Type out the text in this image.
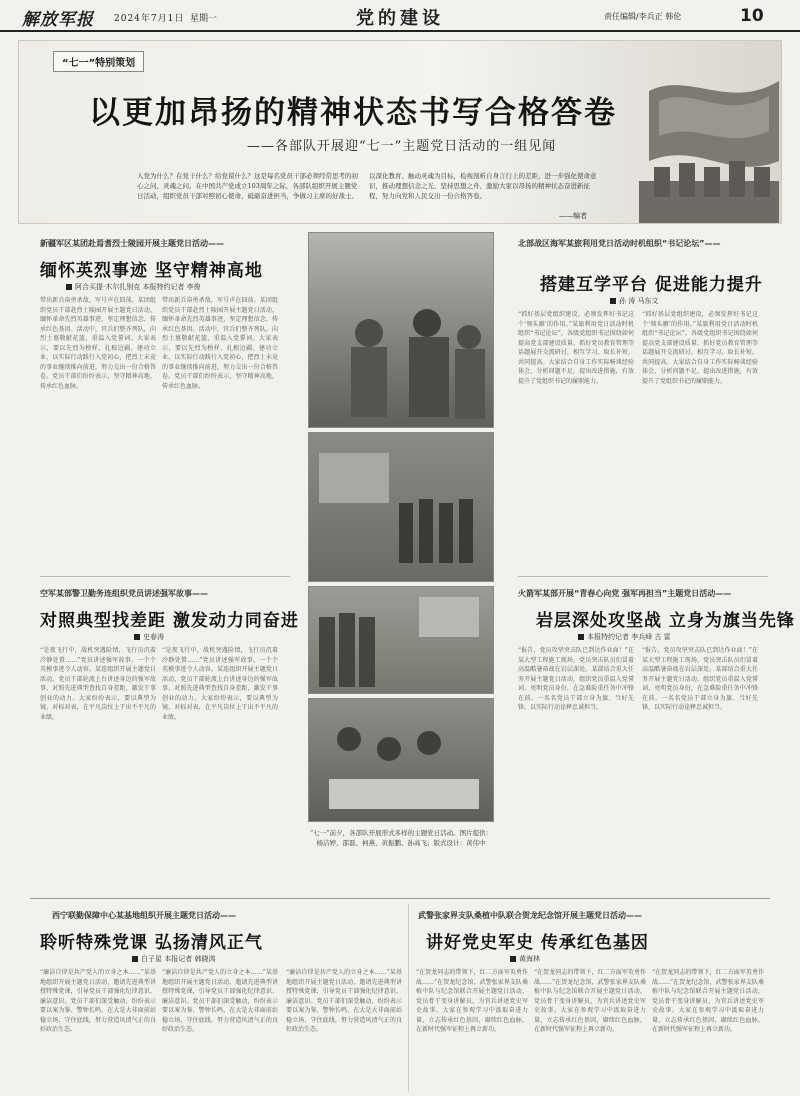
解放军报 2024年7月1日 星期一	党的建设	责任编辑/李兵正 韩伦	10
“七一”特别策划
以更加昂扬的精神状态书写合格答卷
——各部队开展迎“七一”主题党日活动的一组见闻
入党为什么？在党干什么？给党留什么？这是每名党员干部必须经常思考的初心之问、灵魂之问。在中国共产党成立103周年之际，各部队组织开展主题党日活动，组织党员干部对照初心使命、砥砺奋进担当，争做习主席的好战士。
以深化教育、触动灵魂为目标，检视剖析自身言行上的差距，进一步强化使命意识，推动理想信念之光、坚持思想之舟、激励大家以昂扬的精神状态奋进新征程，努力向党和人民交出一份合格答卷。
——编者
新疆军区某团赴焉耆烈士陵园开展主题党日活动——
缅怀英烈事迹 坚守精神高地
阿合买提·木尔扎别克 本报特约记者 李俊
带出新兵奋勇杀敌，军号声在回荡。某团组织党员干部赴烈士陵园开展主题党日活动，缅怀革命先烈英雄事迹，坚定理想信念，传承红色基因。活动中，官兵们整齐列队，向烈士墓敬献花篮，重温入党誓词。大家表示，要以先烈为榜样，扎根边疆、建功立业，以实际行动践行入党初心，把烈士未竟的事业继续推向前进，努力交出一份合格答卷。党员干部们纷纷表示，坚守精神高地，传承红色血脉。
带出新兵奋勇杀敌，军号声在回荡。某团组织党员干部赴烈士陵园开展主题党日活动，缅怀革命先烈英雄事迹，坚定理想信念，传承红色基因。活动中，官兵们整齐列队，向烈士墓敬献花篮，重温入党誓词。大家表示，要以先烈为榜样，扎根边疆、建功立业，以实际行动践行入党初心，把烈士未竟的事业继续推向前进，努力交出一份合格答卷。党员干部们纷纷表示，坚守精神高地，传承红色血脉。
空军某部警卫勤务连组织党员讲述强军故事——
对照典型找差距 激发动力同奋进
史春涛
“是夜飞行中，战机突遇险情，飞行员沉着冷静处置……”党员讲述强军故事，一个个英模事迹令人动容。某连组织开展主题党日活动，党员干部轮流上台讲述身边的强军故事，对照先进典型查找自身差距，激发干事创业的动力。大家纷纷表示，要以典型为镜，对标对表，在平凡岗位上干出不平凡的业绩。
“是夜飞行中，战机突遇险情，飞行员沉着冷静处置……”党员讲述强军故事，一个个英模事迹令人动容。某连组织开展主题党日活动，党员干部轮流上台讲述身边的强军故事，对照先进典型查找自身差距，激发干事创业的动力。大家纷纷表示，要以典型为镜，对标对表，在平凡岗位上干出不平凡的业绩。
“七一”前夕，各部队开展形式多样的主题党日活动。图片提供：杨洁婷、邵磊、柯燕、黄振鹏、孙高飞；版式设计：黄伟中
北部战区海军某旅利用党日活动时机组织“书记论坛”——
搭建互学平台 促进能力提升
孙 涛 马东文
“抓好基层党组织建设，必须发挥好书记这个‘领头雁’的作用。”某旅利用党日活动时机组织“书记论坛”，各级党组织书记围绕如何提高党支部建设质量、抓好党员教育管理等话题展开交流研讨，相互学习、取长补短，共同提高。大家结合自身工作实际畅谈经验体会，分析问题不足，提出改进措施，有效提升了党组织书记的履职能力。
“抓好基层党组织建设，必须发挥好书记这个‘领头雁’的作用。”某旅利用党日活动时机组织“书记论坛”，各级党组织书记围绕如何提高党支部建设质量、抓好党员教育管理等话题展开交流研讨，相互学习、取长补短，共同提高。大家结合自身工作实际畅谈经验体会，分析问题不足，提出改进措施，有效提升了党组织书记的履职能力。
火箭军某部开展“青春心向党 强军再担当”主题党日活动——
岩层深处攻坚战 立身为旗当先锋
本报特约记者 李兵峰 古 雷
“报告，党员攻坚突击队已到达作业面！”在某大型工程施工现场，党员突击队员们冒着高温酷暑奋战在岩层深处。某部结合重大任务开展主题党日活动，组织党员重温入党誓词、亮明党员身份，在急难险重任务中冲锋在前。一名名党员干部立身为旗、当好先锋，以实际行动诠释忠诚担当。
“报告，党员攻坚突击队已到达作业面！”在某大型工程施工现场，党员突击队员们冒着高温酷暑奋战在岩层深处。某部结合重大任务开展主题党日活动，组织党员重温入党誓词、亮明党员身份，在急难险重任务中冲锋在前。一名名党员干部立身为旗、当好先锋，以实际行动诠释忠诚担当。
西宁联勤保障中心某基地组织开展主题党日活动——
聆听特殊党课 弘扬清风正气
白子星 本报记者 韩晓鸿
“廉洁自律是共产党人的立身之本……”某基地组织开展主题党日活动，邀请先进典型讲授特殊党课，引导党员干部强化纪律意识、廉洁意识。党员干部们深受触动，纷纷表示要以案为鉴、警钟长鸣，在大是大非面前站稳立场、守住底线，努力营造风清气正的良好政治生态。
“廉洁自律是共产党人的立身之本……”某基地组织开展主题党日活动，邀请先进典型讲授特殊党课，引导党员干部强化纪律意识、廉洁意识。党员干部们深受触动，纷纷表示要以案为鉴、警钟长鸣，在大是大非面前站稳立场、守住底线，努力营造风清气正的良好政治生态。
“廉洁自律是共产党人的立身之本……”某基地组织开展主题党日活动，邀请先进典型讲授特殊党课，引导党员干部强化纪律意识、廉洁意识。党员干部们深受触动，纷纷表示要以案为鉴、警钟长鸣，在大是大非面前站稳立场、守住底线，努力营造风清气正的良好政治生态。
武警张家界支队桑植中队联合贺龙纪念馆开展主题党日活动——
讲好党史军史 传承红色基因
黄海林
“在贺龙同志的带领下，红二方面军英勇作战……”在贺龙纪念馆，武警张家界支队桑植中队与纪念馆联合开展主题党日活动，党员骨干变身讲解员，为官兵讲述党史军史故事。大家在参观学习中汲取奋进力量，立志传承红色基因，赓续红色血脉，在新时代强军征程上再立新功。
“在贺龙同志的带领下，红二方面军英勇作战……”在贺龙纪念馆，武警张家界支队桑植中队与纪念馆联合开展主题党日活动，党员骨干变身讲解员，为官兵讲述党史军史故事。大家在参观学习中汲取奋进力量，立志传承红色基因，赓续红色血脉，在新时代强军征程上再立新功。
“在贺龙同志的带领下，红二方面军英勇作战……”在贺龙纪念馆，武警张家界支队桑植中队与纪念馆联合开展主题党日活动，党员骨干变身讲解员，为官兵讲述党史军史故事。大家在参观学习中汲取奋进力量，立志传承红色基因，赓续红色血脉，在新时代强军征程上再立新功。
